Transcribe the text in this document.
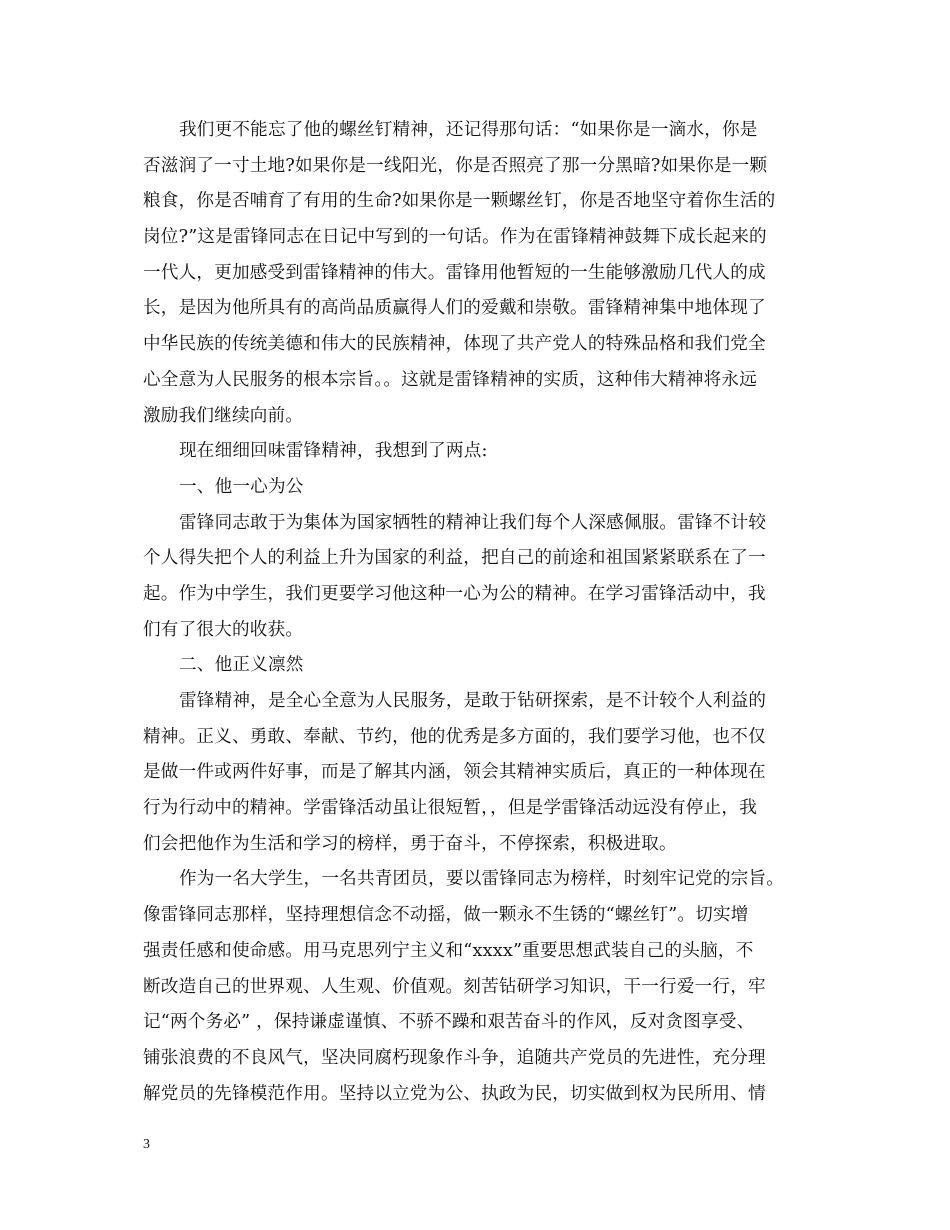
我们更不能忘了他的螺丝钉精神，还记得那句话：“如果你是一滴水，你是
否滋润了一寸土地?如果你是一线阳光，你是否照亮了那一分黑暗?如果你是一颗
粮食，你是否哺育了有用的生命?如果你是一颗螺丝钉，你是否地坚守着你生活的
岗位?”这是雷锋同志在日记中写到的一句话。作为在雷锋精神鼓舞下成长起来的
一代人，更加感受到雷锋精神的伟大。雷锋用他暂短的一生能够激励几代人的成
长，是因为他所具有的高尚品质赢得人们的爱戴和崇敬。雷锋精神集中地体现了
中华民族的传统美德和伟大的民族精神，体现了共产党人的特殊品格和我们党全
心全意为人民服务的根本宗旨。。这就是雷锋精神的实质，这种伟大精神将永远
激励我们继续向前。

现在细细回味雷锋精神，我想到了两点:

一、他一心为公

雷锋同志敢于为集体为国家牺牲的精神让我们每个人深感佩服。雷锋不计较
个人得失把个人的利益上升为国家的利益，把自己的前途和祖国紧紧联系在了一
起。作为中学生，我们更要学习他这种一心为公的精神。在学习雷锋活动中，我
们有了很大的收获。

二、他正义凛然

雷锋精神，是全心全意为人民服务，是敢于钻研探索，是不计较个人利益的
精神。正义、勇敢、奉献、节约，他的优秀是多方面的，我们要学习他，也不仅
是做一件或两件好事，而是了解其内涵，领会其精神实质后，真正的一种体现在
行为行动中的精神。学雷锋活动虽让很短暂，，但是学雷锋活动远没有停止，我
们会把他作为生活和学习的榜样，勇于奋斗，不停探索，积极进取。

作为一名大学生，一名共青团员，要以雷锋同志为榜样，时刻牢记党的宗旨。
像雷锋同志那样，坚持理想信念不动摇，做一颗永不生锈的“螺丝钉”。切实增
强责任感和使命感。用马克思列宁主义和“xxxx”重要思想武装自己的头脑，不
断改造自己的世界观、人生观、价值观。刻苦钻研学习知识，干一行爱一行，牢
记“两个务必” ，保持谦虚谨慎、不骄不躁和艰苦奋斗的作风，反对贪图享受、
铺张浪费的不良风气，坚决同腐朽现象作斗争，追随共产党员的先进性，充分理
解党员的先锋模范作用。坚持以立党为公、执政为民，切实做到权为民所用、情

3
